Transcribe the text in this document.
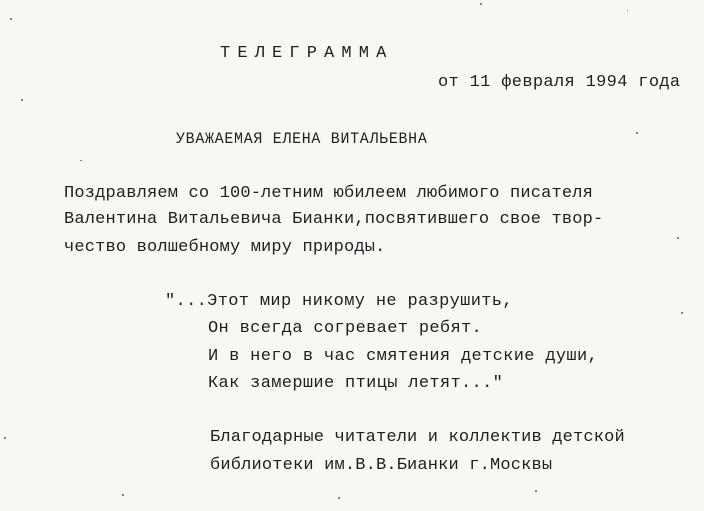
ТЕЛЕГРАММА
от 11 февраля 1994 года
УВАЖАЕМАЯ ЕЛЕНА ВИТАЛЬЕВНА
Поздравляем со 100-летним юбилеем любимого писателя
Валентина Витальевича Бианки,посвятившего свое твор-
чество волшебному миру природы.
"...Этот мир никому не разрушить,
Он всегда согревает ребят.
И в него в час смятения детские души,
Как замершие птицы летят..."
Благодарные читатели и коллектив детской
библиотеки им.В.В.Бианки г.Москвы
